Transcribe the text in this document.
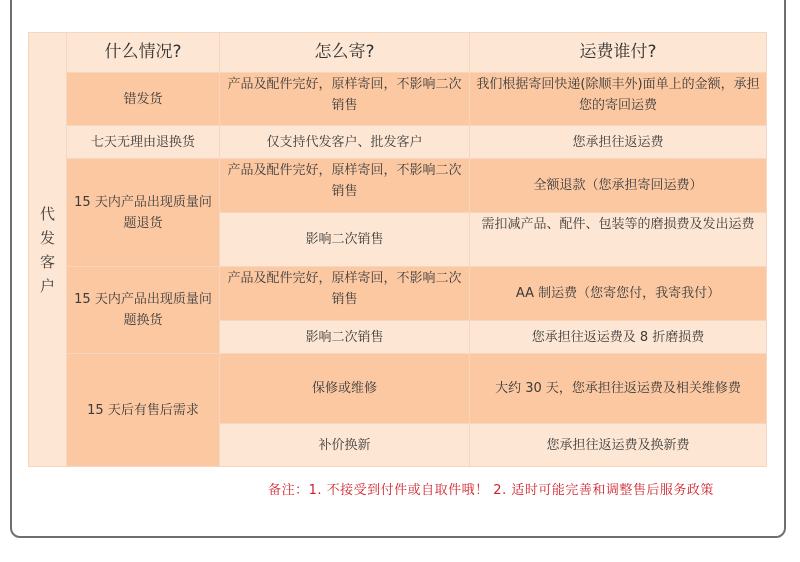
代发客户	什么情况?	怎么寄?	运费谁付?
	错发货	产品及配件完好，原样寄回，不影响二次销售	我们根据寄回快递(除顺丰外)面单上的金额，承担您的寄回运费
	七天无理由退换货	仅支持代发客户、批发客户	您承担往返运费
	15 天内产品出现质量问题退货	产品及配件完好，原样寄回，不影响二次销售	全额退款（您承担寄回运费）
		影响二次销售	需扣减产品、配件、包装等的磨损费及发出运费
	15 天内产品出现质量问题换货	产品及配件完好，原样寄回，不影响二次销售	AA 制运费（您寄您付，我寄我付）
		影响二次销售	您承担往返运费及 8 折磨损费
	15 天后有售后需求	保修或维修	大约 30 天，您承担往返运费及相关维修费
		补价换新	您承担往返运费及换新费
备注：1. 不接受到付件或自取件哦！ 2. 适时可能完善和调整售后服务政策
